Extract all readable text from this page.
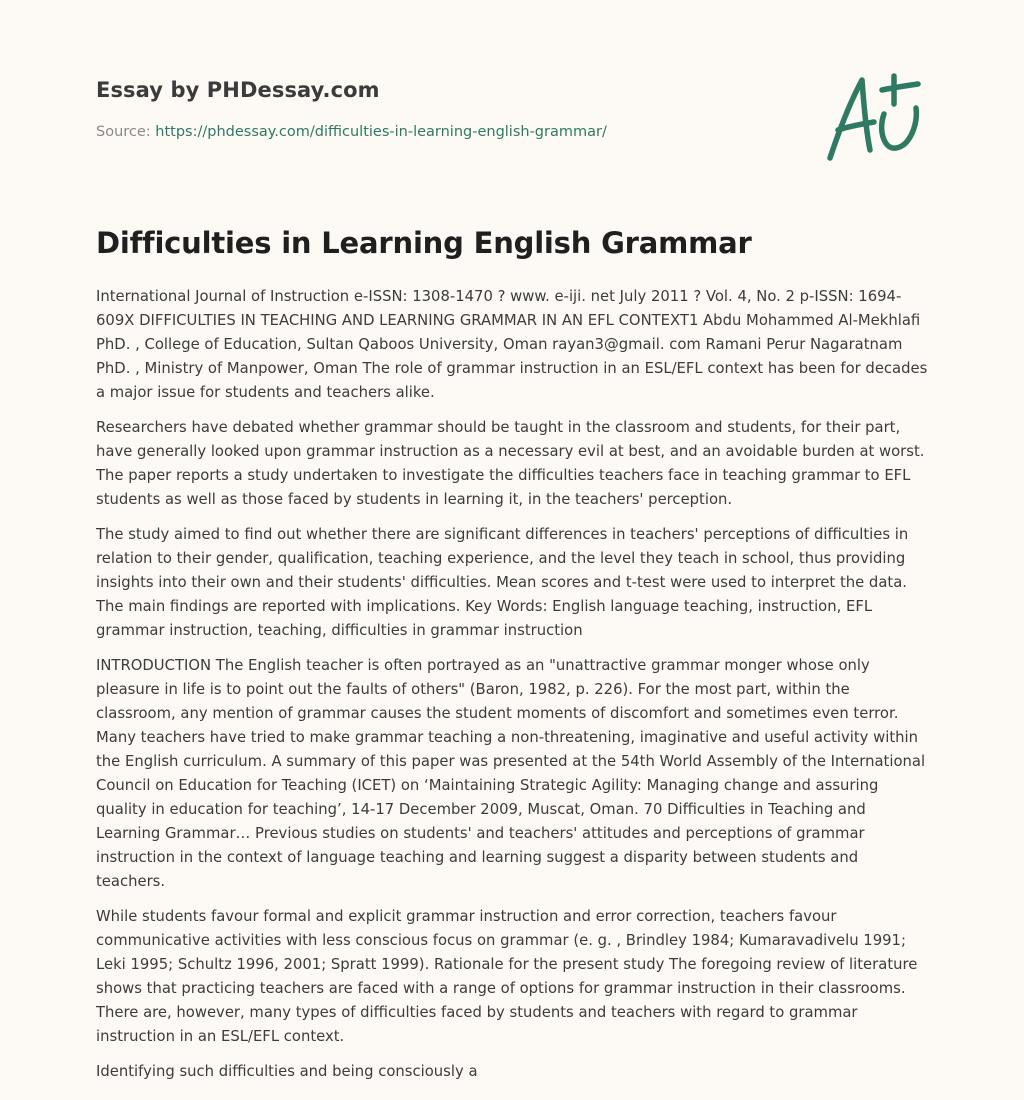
Essay by PHDessay.com
Source: https://phdessay.com/difficulties-in-learning-english-grammar/
Difficulties in Learning English Grammar

International Journal of Instruction e-ISSN: 1308-1470 ? www. e-iji. net July 2011 ? Vol. 4, No. 2 p-ISSN: 1694-609X DIFFICULTIES IN TEACHING AND LEARNING GRAMMAR IN AN EFL CONTEXT1 Abdu Mohammed Al-Mekhlafi PhD. , College of Education, Sultan Qaboos University, Oman rayan3@gmail. com Ramani Perur Nagaratnam PhD. , Ministry of Manpower, Oman The role of grammar instruction in an ESL/EFL context has been for decades a major issue for students and teachers alike.

Researchers have debated whether grammar should be taught in the classroom and students, for their part, have generally looked upon grammar instruction as a necessary evil at best, and an avoidable burden at worst. The paper reports a study undertaken to investigate the difficulties teachers face in teaching grammar to EFL students as well as those faced by students in learning it, in the teachers' perception.

The study aimed to find out whether there are significant differences in teachers' perceptions of difficulties in relation to their gender, qualification, teaching experience, and the level they teach in school, thus providing insights into their own and their students' difficulties. Mean scores and t-test were used to interpret the data. The main findings are reported with implications. Key Words: English language teaching, instruction, EFL grammar instruction, teaching, difficulties in grammar instruction

INTRODUCTION The English teacher is often portrayed as an "unattractive grammar monger whose only pleasure in life is to point out the faults of others" (Baron, 1982, p. 226). For the most part, within the classroom, any mention of grammar causes the student moments of discomfort and sometimes even terror. Many teachers have tried to make grammar teaching a non-threatening, imaginative and useful activity within the English curriculum. A summary of this paper was presented at the 54th World Assembly of the International Council on Education for Teaching (ICET) on ‘Maintaining Strategic Agility: Managing change and assuring quality in education for teaching’, 14-17 December 2009, Muscat, Oman. 70 Difficulties in Teaching and Learning Grammar… Previous studies on students' and teachers' attitudes and perceptions of grammar instruction in the context of language teaching and learning suggest a disparity between students and teachers.

While students favour formal and explicit grammar instruction and error correction, teachers favour communicative activities with less conscious focus on grammar (e. g. , Brindley 1984; Kumaravadivelu 1991; Leki 1995; Schultz 1996, 2001; Spratt 1999). Rationale for the present study The foregoing review of literature shows that practicing teachers are faced with a range of options for grammar instruction in their classrooms. There are, however, many types of difficulties faced by students and teachers with regard to grammar instruction in an ESL/EFL context.

Identifying such difficulties and being consciously a
